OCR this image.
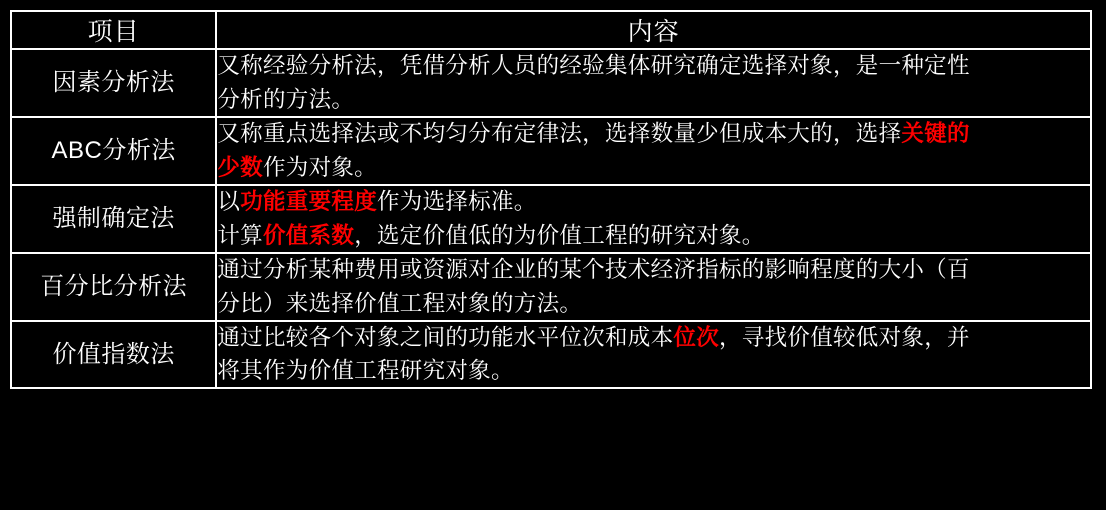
项目	内容
因素分析法	又称经验分析法，凭借分析人员的经验集体研究确定选择对象，是一种定性

分析的方法。

ABC分析法	又称重点选择法或不均匀分布定律法，选择数量少但成本大的，选择关键的

少数作为对象。

强制确定法	以功能重要程度作为选择标准。

计算价值系数，选定价值低的为价值工程的研究对象。

百分比分析法	通过分析某种费用或资源对企业的某个技术经济指标的影响程度的大小（百

分比）来选择价值工程对象的方法。

价值指数法	通过比较各个对象之间的功能水平位次和成本位次，寻找价值较低对象，并

将其作为价值工程研究对象。
